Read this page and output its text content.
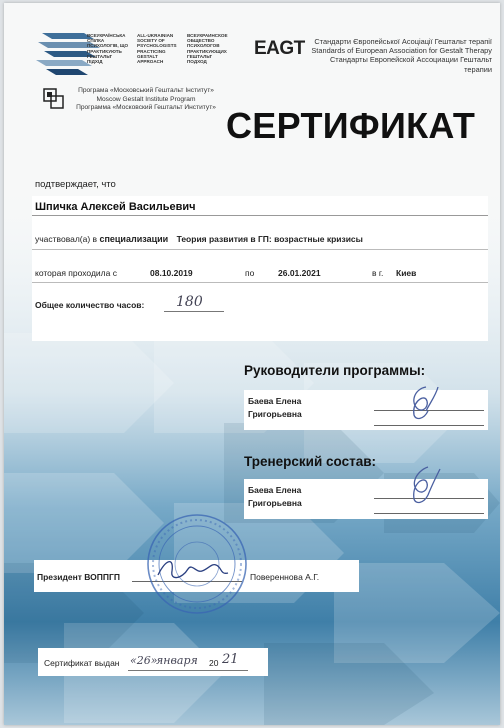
ВСЕУКРАЇНСЬКА
СПІЛКА
ПСИХОЛОГІВ, ЩО
ПРАКТИКУЮТЬ
ГЕШТАЛЬТ
ПІДХІД
ALL-UKRAINIAN
SOCIETY OF
PSYCHOLOGISTS
PRACTICING
GESTALT
APPROACH
ВСЕУКРАИНСКОЕ
ОБЩЕСТВО
ПСИХОЛОГОВ
ПРАКТИКУЮЩИХ
ГЕШТАЛЬТ
ПОДХОД
EAGT	Стандарти Європейської Асоціації Гештальт терапії
Standards of European Association for Gestalt Therapy
Стандарты Европейской Ассоциации Гештальт терапии
Програма «Московський Гештальт Інститут»
Moscow Gestalt Institute Program
Программа «Московский Гештальт Институт» СЕРТИФИКАТ
подтверждает, что
Шпичка Алексей Васильевич
участвовал(а) в специализации Теория развития в ГП: возрастные кризисы
которая проходила с	08.10.2019	по	26.01.2021	в г. Киев
Общее количество часов: 180
Руководители программы:
Баева Елена
Григорьевна
Тренерский состав:
Баева Елена
Григорьевна
Президент ВОППГП	Поверенновa А.Г.
Сертификат выдан «26»
января 20 21
